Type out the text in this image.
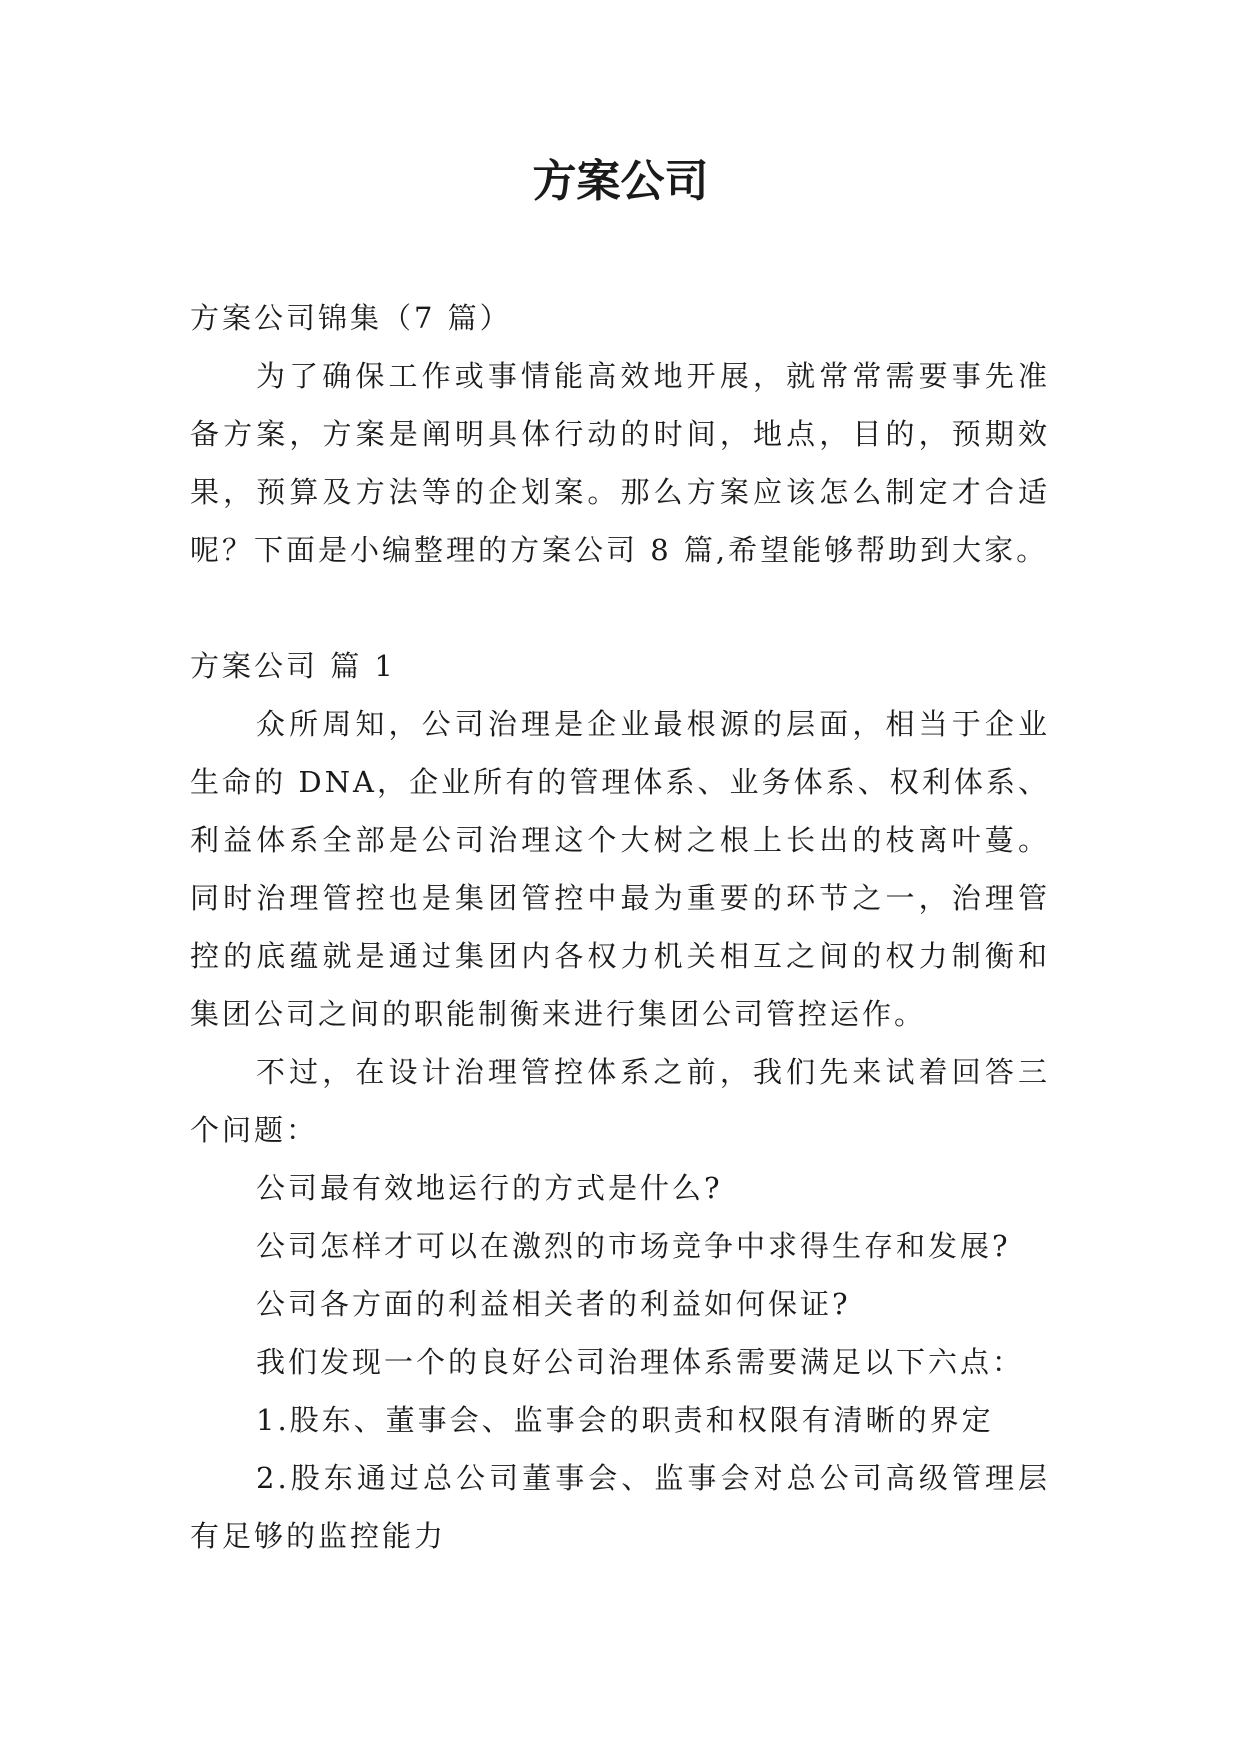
方案公司

方案公司锦集（7 篇）

为了确保工作或事情能高效地开展，就常常需要事先准备方案，方案是阐明具体行动的时间，地点，目的，预期效果，预算及方法等的企划案。那么方案应该怎么制定才合适呢？下面是小编整理的方案公司 8 篇,希望能够帮助到大家。

方案公司 篇 1

众所周知，公司治理是企业最根源的层面，相当于企业生命的 DNA，企业所有的管理体系、业务体系、权利体系、利益体系全部是公司治理这个大树之根上长出的枝离叶蔓。同时治理管控也是集团管控中最为重要的环节之一，治理管控的底蕴就是通过集团内各权力机关相互之间的权力制衡和集团公司之间的职能制衡来进行集团公司管控运作。

不过，在设计治理管控体系之前，我们先来试着回答三个问题：

公司最有效地运行的方式是什么?

公司怎样才可以在激烈的市场竞争中求得生存和发展?

公司各方面的利益相关者的利益如何保证?

我们发现一个的良好公司治理体系需要满足以下六点：

1.股东、董事会、监事会的职责和权限有清晰的界定

2.股东通过总公司董事会、监事会对总公司高级管理层有足够的监控能力
